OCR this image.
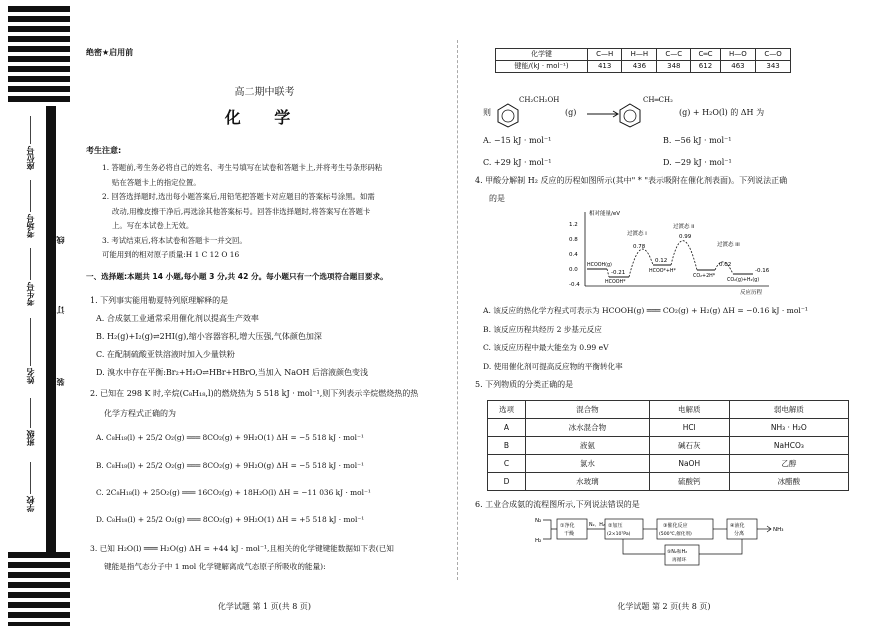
座位号
考场号
考生号
姓名
班级
学校
线
订
装
绝密★启用前
高二期中联考
化 学
考生注意:
1. 答题前,考生务必将自己的姓名、考生号填写在试卷和答题卡上,并将考生号条形码粘
贴在答题卡上的指定位置。
2. 回答选择题时,选出每小题答案后,用铅笔把答题卡对应题目的答案标号涂黑。如需
改动,用橡皮擦干净后,再选涂其他答案标号。回答非选择题时,将答案写在答题卡
上。写在本试卷上无效。
3. 考试结束后,将本试卷和答题卡一并交回。
可能用到的相对原子质量:H 1 C 12 O 16
一、选择题:本题共 14 小题,每小题 3 分,共 42 分。每小题只有一个选项符合题目要求。
1. 下列事实能用勒夏特列原理解释的是
A. 合成氨工业通常采用催化剂以提高生产效率
B. H₂(g)+I₂(g)⇌2HI(g),缩小容器容积,增大压强,气体颜色加深
C. 在配制硫酸亚铁溶液时加入少量铁粉
D. 溴水中存在平衡:Br₂+H₂O⇌HBr+HBrO,当加入 NaOH 后溶液颜色变浅
2. 已知在 298 K 时,辛烷(C₈H₁₈,l)的燃烧热为 5 518 kJ · mol⁻¹,则下列表示辛烷燃烧热的热
化学方程式正确的为
A. C₈H₁₈(l) + 25/2 O₂(g) ═══ 8CO₂(g) + 9H₂O(1) ΔH = −5 518 kJ · mol⁻¹
B. C₈H₁₈(l) + 25/2 O₂(g) ═══ 8CO₂(g) + 9H₂O(g) ΔH = −5 518 kJ · mol⁻¹
C. 2C₈H₁₈(l) + 25O₂(g) ═══ 16CO₂(g) + 18H₂O(l) ΔH = −11 036 kJ · mol⁻¹
D. C₈H₁₈(l) + 25/2 O₂(g) ═══ 8CO₂(g) + 9H₂O(1) ΔH = +5 518 kJ · mol⁻¹
3. 已知 H₂O(l) ═══ H₂O(g) ΔH = +44 kJ · mol⁻¹,且相关的化学键键能数据如下表(已知
键能是指气态分子中 1 mol 化学键解离成气态原子所吸收的能量):
化学试题 第 1 页(共 8 页)
化学键	C—H	H—H	C—C	C═C	H—O	C—O
键能/(kJ · mol⁻¹)	413	436	348	612	463	343
则
CH₂CH₂OH
(g)
CH═CH₂
(g) + H₂O(l) 的 ΔH 为
A. −15 kJ · mol⁻¹
C. +29 kJ · mol⁻¹
B. −56 kJ · mol⁻¹
D. −29 kJ · mol⁻¹
4. 甲酸分解制 H₂ 反应的历程如图所示(其中" * "表示吸附在催化剂表面)。下列说法正确
的是
相对能量/eV
反应历程
1.2
0.8
0.4
0.0
-0.4
过渡态 i
过渡态 ii
过渡态 iii
0.78
0.99
-0.21
0.12
0.02
-0.16
HCOOH(g)
HCOOH*
HCOO*+H*
CO₂+2H*
CO₂(g)+H₂(g)
A. 该反应的热化学方程式可表示为 HCOOH(g) ═══ CO₂(g) + H₂(g) ΔH = −0.16 kJ · mol⁻¹
B. 该反应历程共经历 2 步基元反应
C. 该反应历程中最大能垒为 0.99 eV
D. 使用催化剂可提高反应物的平衡转化率
5. 下列物质的分类正确的是
选项	混合物	电解质	弱电解质
A	冰水混合物	HCl	NH₃ · H₂O
B	液氨	碱石灰	NaHCO₃
C	氯水	NaOH	乙醇
D	水玻璃	硫酸钙	冰醋酸
6. 工业合成氨的流程图所示,下列说法错误的是
N₂
H₂
①净化
干燥
N₂、H₂ ②加压
(2×10⁷Pa)
③催化反应
(500℃,催化剂)
④液化
分离
NH₃
⑤N₂和H₂
再循环
化学试题 第 2 页(共 8 页)
